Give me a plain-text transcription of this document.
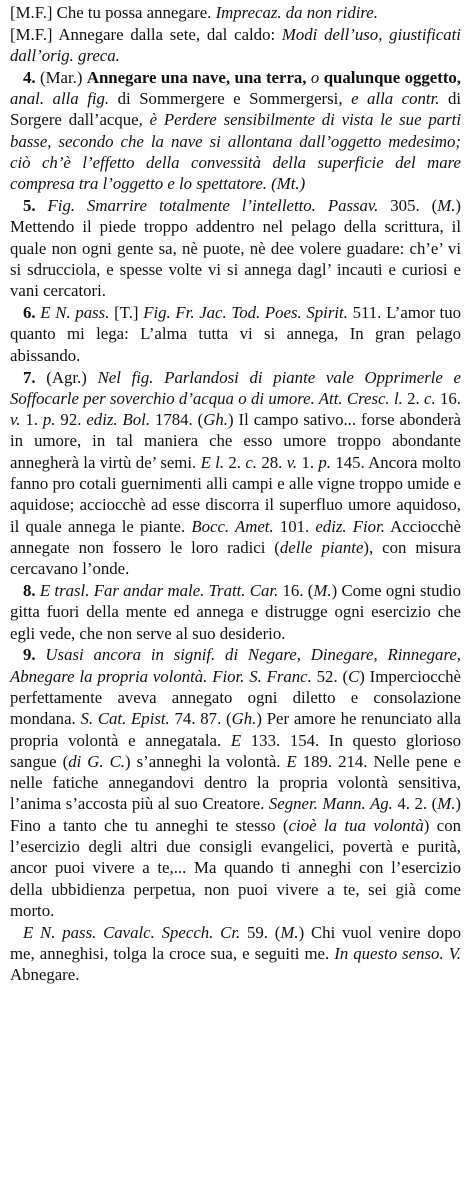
[M.F.] Che tu possa annegare. Imprecaz. da non ridire.

[M.F.] Annegare dalla sete, dal caldo: Modi dell’uso, giustificati dall’orig. greca.

4. (Mar.) Annegare una nave, una terra, o qualunque oggetto, anal. alla fig. di Sommergere e Sommergersi, e alla contr. di Sorgere dall’acque, è Perdere sensibilmente di vista le sue parti basse, secondo che la nave si allontana dall’oggetto medesimo; ciò ch’è l’effetto della convessità della superficie del mare compresa tra l’oggetto e lo spettatore. (Mt.)

5. Fig. Smarrire totalmente l’intelletto. Passav. 305. (M.) Mettendo il piede troppo addentro nel pelago della scrittura, il quale non ogni gente sa, nè puote, nè dee volere guadare: ch’e’ vi si sdrucciola, e spesse volte vi si annega dagl’ incauti e curiosi e vani cercatori.

6. E N. pass. [T.] Fig. Fr. Jac. Tod. Poes. Spirit. 511. L’amor tuo quanto mi lega: L’alma tutta vi si annega, In gran pelago abissando.

7. (Agr.) Nel fig. Parlandosi di piante vale Opprimerle e Soffocarle per soverchio d’acqua o di umore. Att. Cresc. l. 2. c. 16. v. 1. p. 92. ediz. Bol. 1784. (Gh.) Il campo sativo... forse abonderà in umore, in tal maniera che esso umore troppo abondante annegherà la virtù de’ semi. E l. 2. c. 28. v. 1. p. 145. Ancora molto fanno pro cotali guernimenti alli campi e alle vigne troppo umide e aquidose; acciocchè ad esse discorra il superfluo umore aquidoso, il quale annega le piante. Bocc. Amet. 101. ediz. Fior. Acciocchè annegate non fossero le loro radici (delle piante), con misura cercavano l’onde.

8. E trasl. Far andar male. Tratt. Car. 16. (M.) Come ogni studio gitta fuori della mente ed annega e distrugge ogni esercizio che egli vede, che non serve al suo desiderio.

9. Usasi ancora in signif. di Negare, Dinegare, Rinnegare, Abnegare la propria volontà. Fior. S. Franc. 52. (C) Imperciocchè perfettamente aveva annegato ogni diletto e consolazione mondana. S. Cat. Epist. 74. 87. (Gh.) Per amore he renunciato alla propria volontà e annegatala. E 133. 154. In questo glorioso sangue (di G. C.) s’anneghi la volontà. E 189. 214. Nelle pene e nelle fatiche annegandovi dentro la propria volontà sensitiva, l’anima s’accosta più al suo Creatore. Segner. Mann. Ag. 4. 2. (M.) Fino a tanto che tu anneghi te stesso (cioè la tua volontà) con l’esercizio degli altri due consigli evangelici, povertà e purità, ancor puoi vivere a te,... Ma quando ti anneghi con l’esercizio della ubbidienza perpetua, non puoi vivere a te, sei già come morto.

E N. pass. Cavalc. Specch. Cr. 59. (M.) Chi vuol venire dopo me, anneghisi, tolga la croce sua, e seguiti me. In questo senso. V. Abnegare.
